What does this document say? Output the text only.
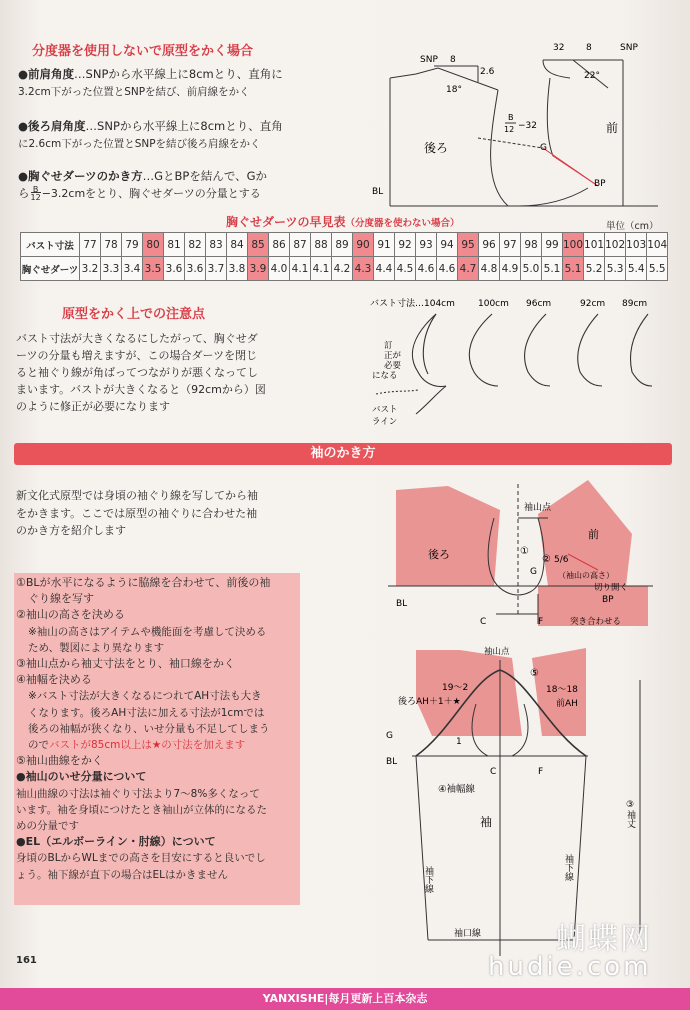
分度器を使用しないで原型をかく場合
●前肩角度…SNPから水平線上に8cmとり、直角に
3.2cm下がった位置とSNPを結び、前肩線をかく
●後ろ肩角度…SNPから水平線上に8cmとり、直角
に2.6cm下がった位置とSNPを結び後ろ肩線をかく
●胸ぐせダーツのかき方…GとBPを結んで、Gか
ら$\frac{B}{12}-3.2cm$をとり、胸ぐせダーツの分量とする
SNP 8
2.6
18°
32 8	SNP
22°
後ろ
前
B
12 −32
G
BP
BL
胸ぐせダーツの早見表（分度器を使わない場合）	単位（cm）
バスト寸法	77	78	79	80	81	82	83	84	85	86	87	88	89	90	91	92	93	94	95	96	97	98	99	100	101	102	103	104
胸ぐせダーツ	3.2	3.3	3.4	3.5	3.6	3.6	3.7	3.8	3.9	4.0	4.1	4.1	4.2	4.3	4.4	4.5	4.6	4.6	4.7	4.8	4.9	5.0	5.1	5.1	5.2	5.3	5.4	5.5
原型をかく上での注意点
バスト寸法が大きくなるにしたがって、胸ぐせダ
ーツの分量も増えますが、この場合ダーツを閉じ
ると袖ぐり線が角ばってつながりが悪くなってし
まいます。バストが大きくなると（92cmから）図
のように修正が必要になります
バスト寸法…104cm	100cm 96cm	92cm 89cm
訂
正が
必要
になる
バスト
ライン
袖のかき方
新文化式原型では身頃の袖ぐり線を写してから袖
をかきます。ここでは原型の袖ぐりに合わせた袖
のかき方を紹介します
①BLが水平になるように脇線を合わせて、前後の袖
ぐり線を写す
②袖山の高さを決める
※袖山の高さはアイテムや機能面を考慮して決める
ため、製図により異なります
③袖山点から袖丈寸法をとり、袖口線をかく
④袖幅を決める
※バスト寸法が大きくなるにつれてAH寸法も大き
くなります。後ろAH寸法に加える寸法が1cmでは
後ろの袖幅が狭くなり、いせ分量も不足してしまう
のでバストが85cm以上は★の寸法を加えます
⑤袖山曲線をかく
●袖山のいせ分量について
袖山曲線の寸法は袖ぐり寸法より7〜8%多くなって
います。袖を身頃につけたとき袖山が立体的になるた
めの分量です
●EL（エルボーライン・肘線）について
身頃のBLからWLまでの高さを目安にすると良いでし
ょう。袖下線が直下の場合はELはかきません
袖山点
後ろ
前
①
② 5/6
（袖山の高さ）
G
切り開く
BP
BL
C	F	突き合わせる
袖山点
⑤
19〜2	18〜18
後ろAH＋1＋★	前AH
G
1
BL
C	F
④袖幅線
袖
袖下線	袖下線
袖口線
③袖丈
161
蝴蝶网
hudie.com
YANXISHE|每月更新上百本杂志
